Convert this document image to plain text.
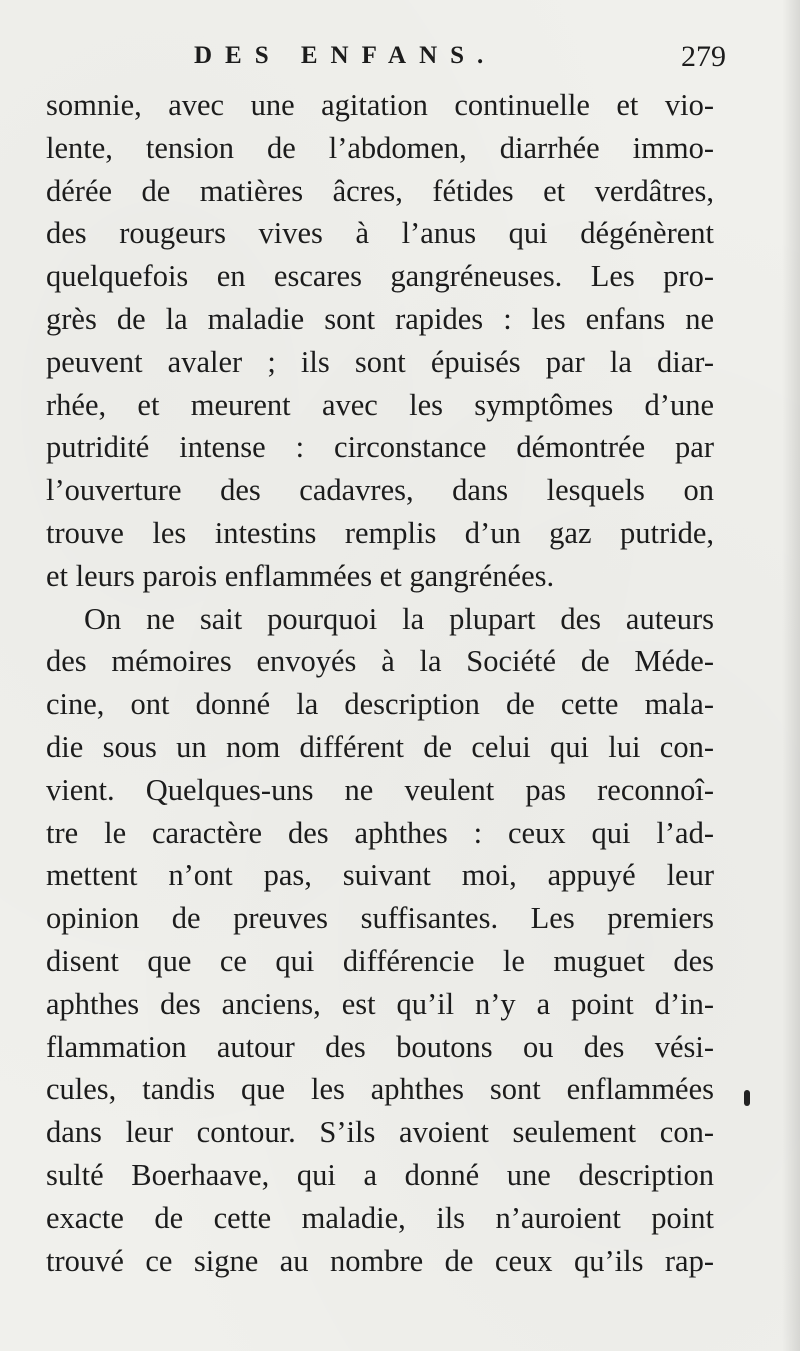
DES ENFANS.	279
somnie, avec une agitation continuelle et vio-
lente, tension de l’abdomen, diarrhée immo-
dérée de matières âcres, fétides et verdâtres,
des rougeurs vives à l’anus qui dégénèrent
quelquefois en escares gangréneuses. Les pro-
grès de la maladie sont rapides : les enfans ne
peuvent avaler ; ils sont épuisés par la diar-
rhée, et meurent avec les symptômes d’une
putridité intense : circonstance démontrée par
l’ouverture des cadavres, dans lesquels on
trouve les intestins remplis d’un gaz putride,
et leurs parois enflammées et gangrénées.
On ne sait pourquoi la plupart des auteurs
des mémoires envoyés à la Société de Méde-
cine, ont donné la description de cette mala-
die sous un nom différent de celui qui lui con-
vient. Quelques-uns ne veulent pas reconnoî-
tre le caractère des aphthes : ceux qui l’ad-
mettent n’ont pas, suivant moi, appuyé leur
opinion de preuves suffisantes. Les premiers
disent que ce qui différencie le muguet des
aphthes des anciens, est qu’il n’y a point d’in-
flammation autour des boutons ou des vési-
cules, tandis que les aphthes sont enflammées
dans leur contour. S’ils avoient seulement con-
sulté Boerhaave, qui a donné une description
exacte de cette maladie, ils n’auroient point
trouvé ce signe au nombre de ceux qu’ils rap-
